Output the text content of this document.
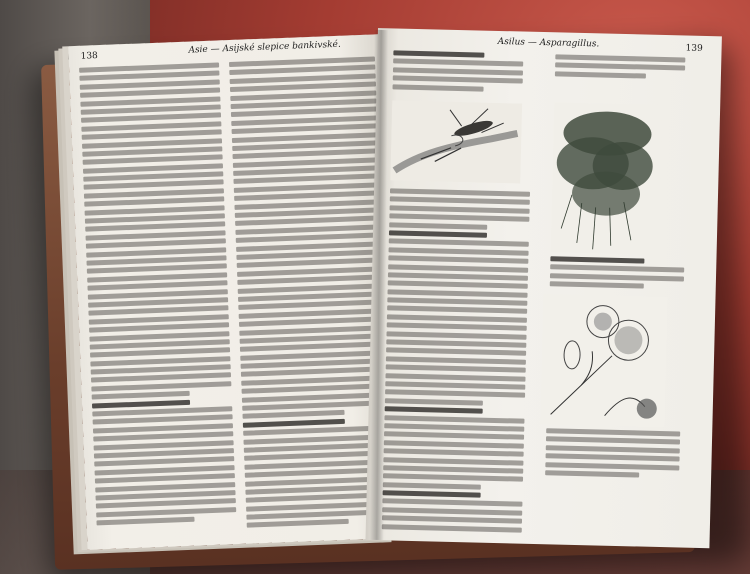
138
Asie — Asijské slepice bankivské.	Asilus — Asparagillus.	139
